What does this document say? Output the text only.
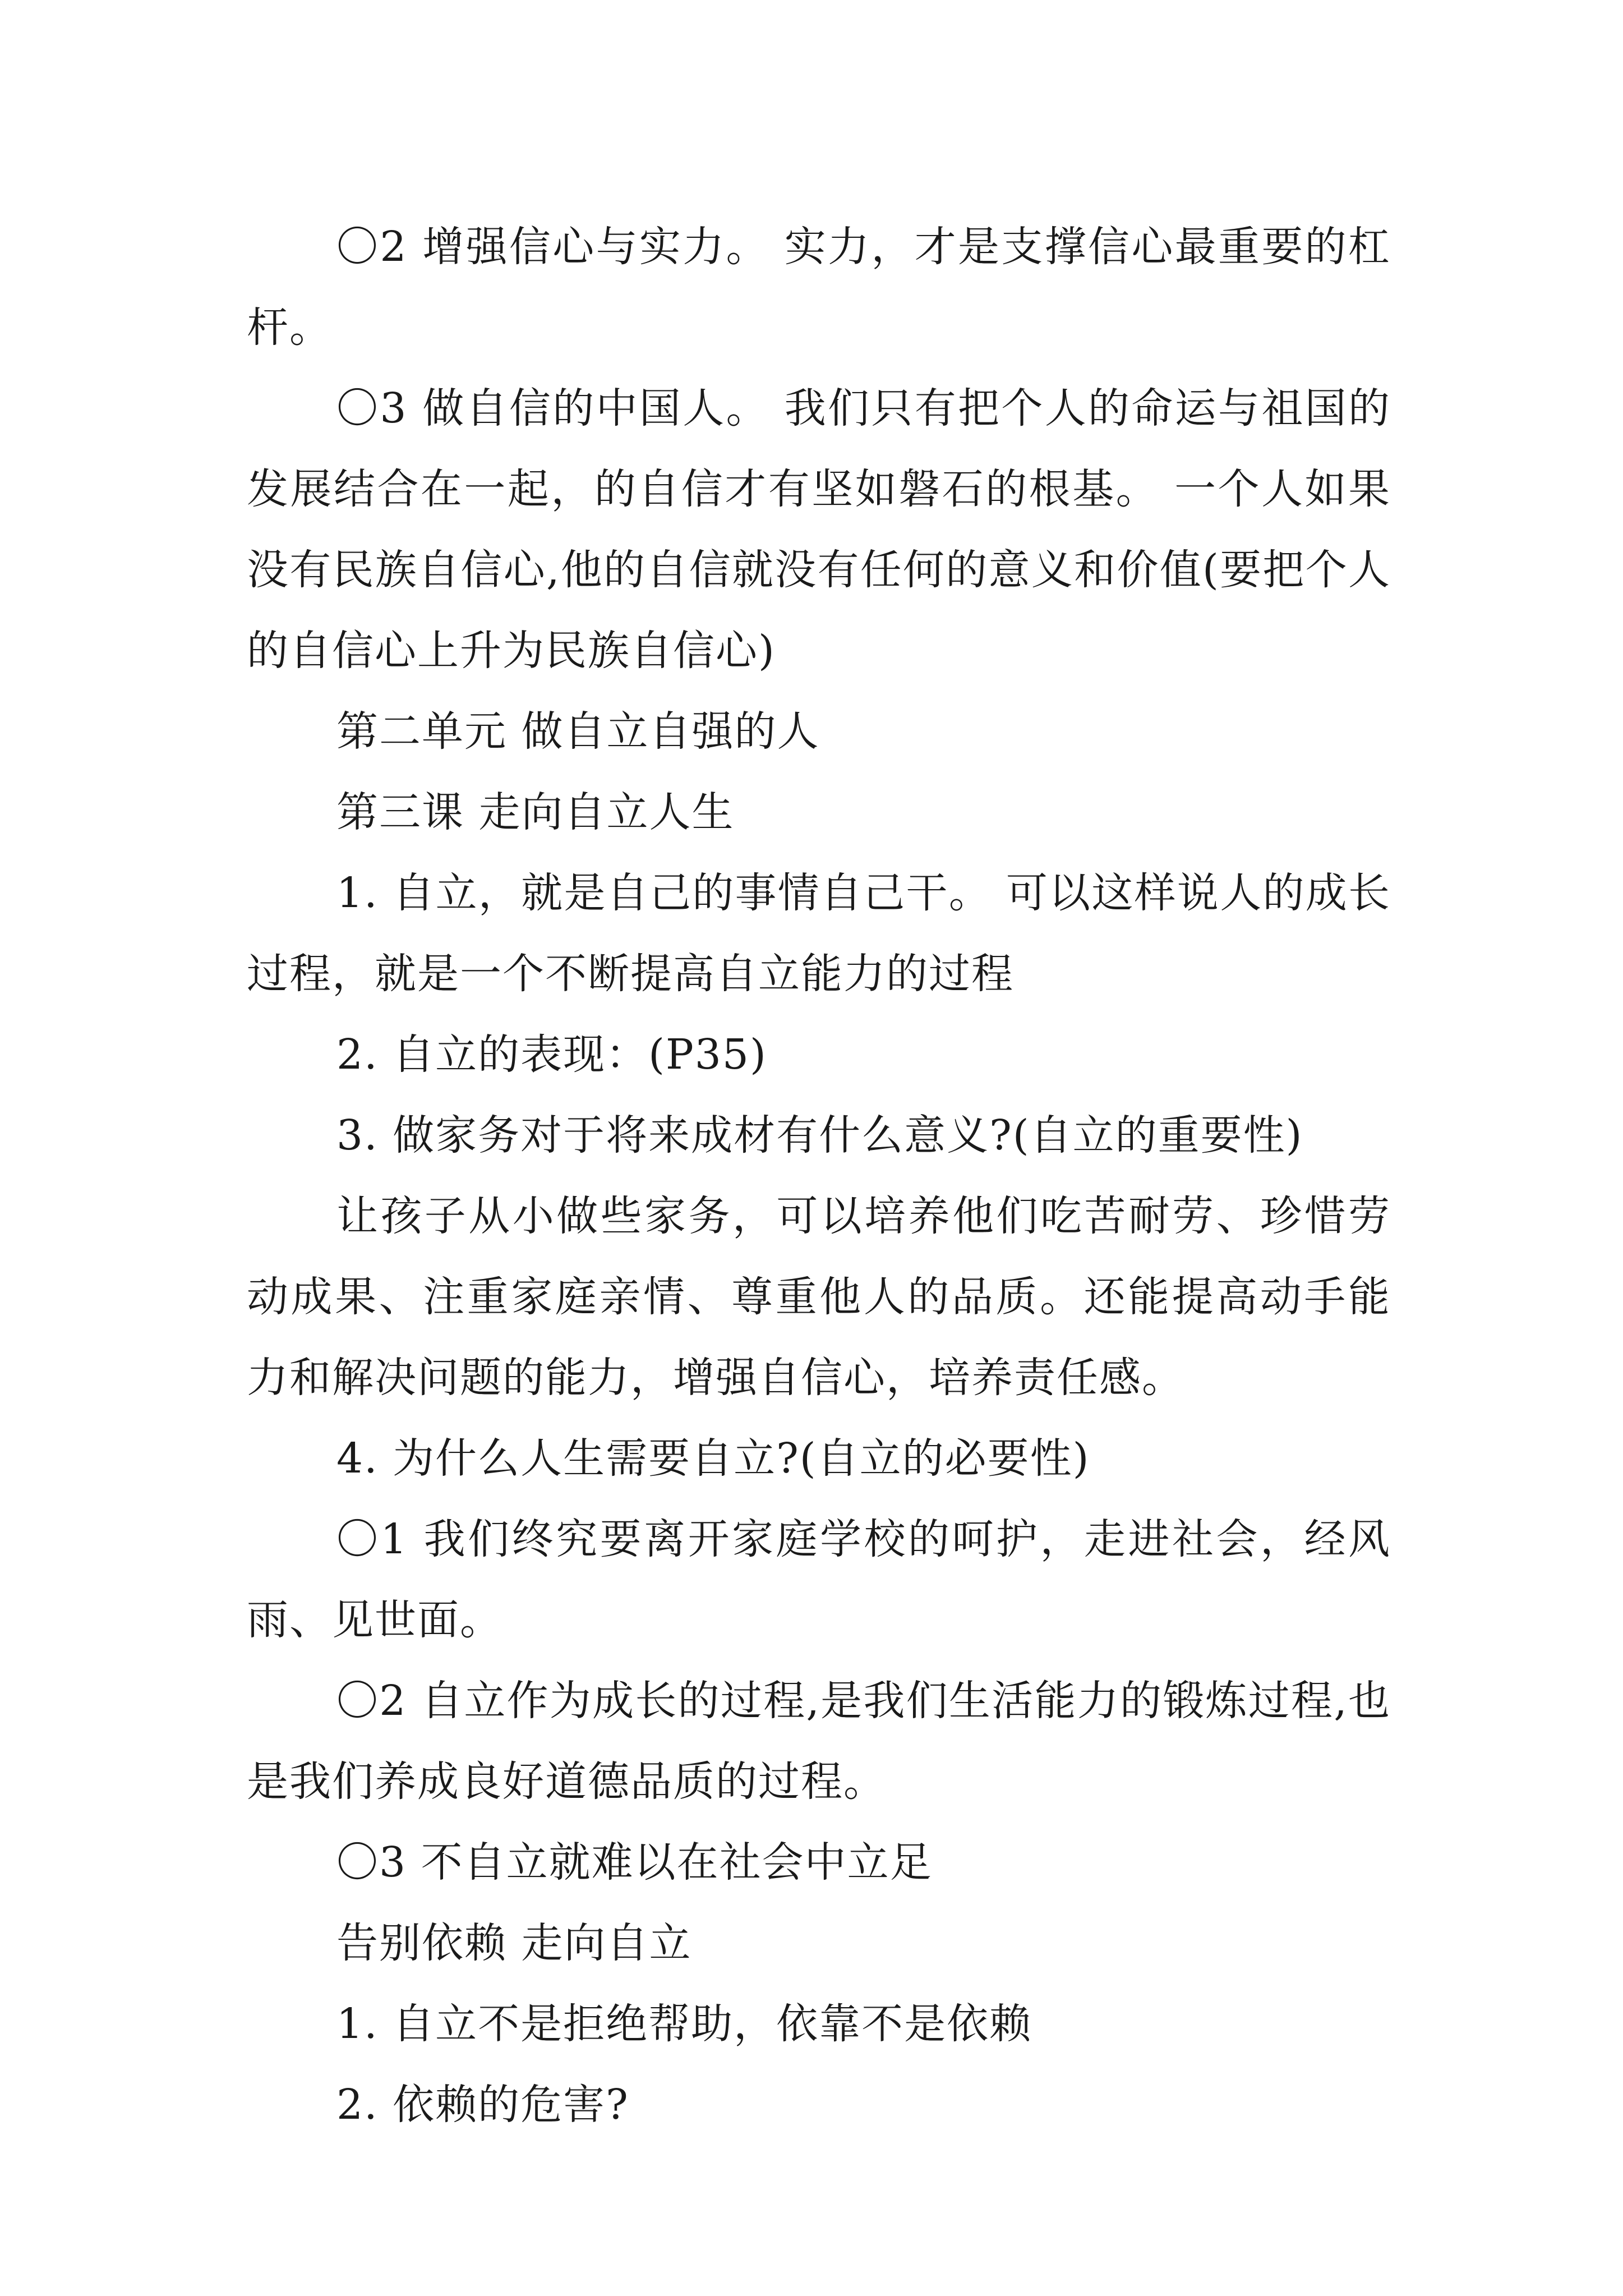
〇2 增强信心与实力。 实力，才是支撑信心最重要的杠杆。

〇3 做自信的中国人。 我们只有把个人的命运与祖国的发展结合在一起，的自信才有坚如磐石的根基。 一个人如果没有民族自信心,他的自信就没有任何的意义和价值(要把个人的自信心上升为民族自信心)

第二单元 做自立自强的人

第三课 走向自立人生

1. 自立，就是自己的事情自己干。 可以这样说人的成长过程，就是一个不断提高自立能力的过程

2. 自立的表现：(P35)

3. 做家务对于将来成材有什么意义?(自立的重要性)

让孩子从小做些家务，可以培养他们吃苦耐劳、珍惜劳动成果、注重家庭亲情、尊重他人的品质。还能提高动手能力和解决问题的能力，增强自信心，培养责任感。

4. 为什么人生需要自立?(自立的必要性)

〇1 我们终究要离开家庭学校的呵护，走进社会，经风雨、见世面。

〇2 自立作为成长的过程,是我们生活能力的锻炼过程,也是我们养成良好道德品质的过程。

〇3 不自立就难以在社会中立足

告别依赖 走向自立

1. 自立不是拒绝帮助，依靠不是依赖

2. 依赖的危害?
